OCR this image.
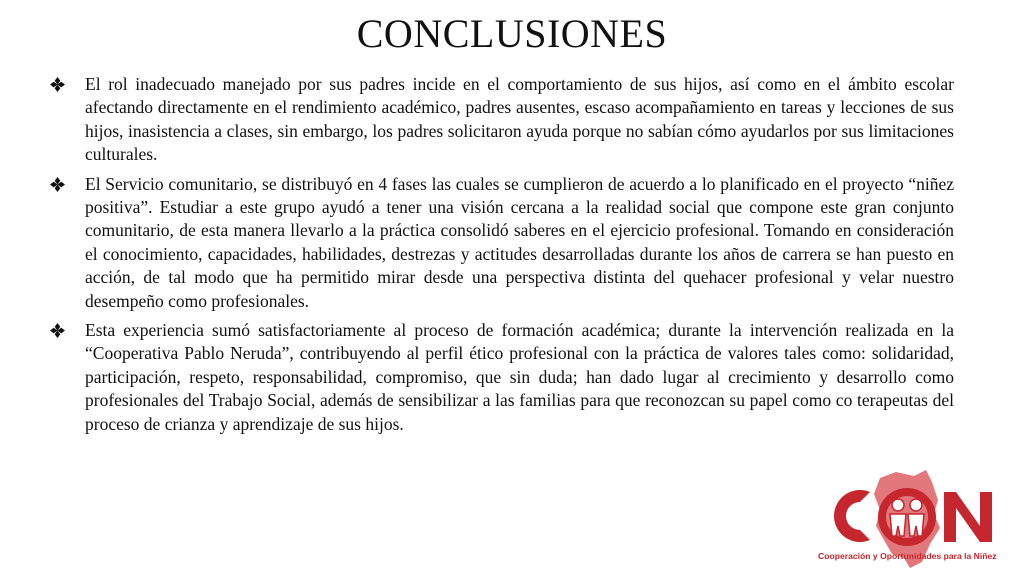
CONCLUSIONES
El rol inadecuado manejado por sus padres incide en el comportamiento de sus hijos, así como en el ámbito escolar afectando directamente en el rendimiento académico, padres ausentes, escaso acompañamiento en tareas y lecciones de sus hijos, inasistencia a clases, sin embargo, los padres solicitaron ayuda porque no sabían cómo ayudarlos por sus limitaciones culturales.
El Servicio comunitario, se distribuyó en 4 fases las cuales se cumplieron de acuerdo a lo planificado en el proyecto “niñez positiva”. Estudiar a este grupo ayudó a tener una visión cercana a la realidad social que compone este gran conjunto comunitario, de esta manera llevarlo a la práctica consolidó saberes en el ejercicio profesional. Tomando en consideración el conocimiento, capacidades, habilidades, destrezas y actitudes desarrolladas durante los años de carrera se han puesto en acción, de tal modo que ha permitido mirar desde una perspectiva distinta del quehacer profesional y velar nuestro desempeño como profesionales.
Esta experiencia sumó satisfactoriamente al proceso de formación académica; durante la intervención realizada en la “Cooperativa Pablo Neruda”, contribuyendo al perfil ético profesional con la práctica de valores tales como: solidaridad, participación, respeto, responsabilidad, compromiso, que sin duda; han dado lugar al crecimiento y desarrollo como profesionales del Trabajo Social, además de sensibilizar a las familias para que reconozcan su papel como co terapeutas del proceso de crianza y aprendizaje de sus hijos.
Cooperación y Oportunidades para la Niñez
